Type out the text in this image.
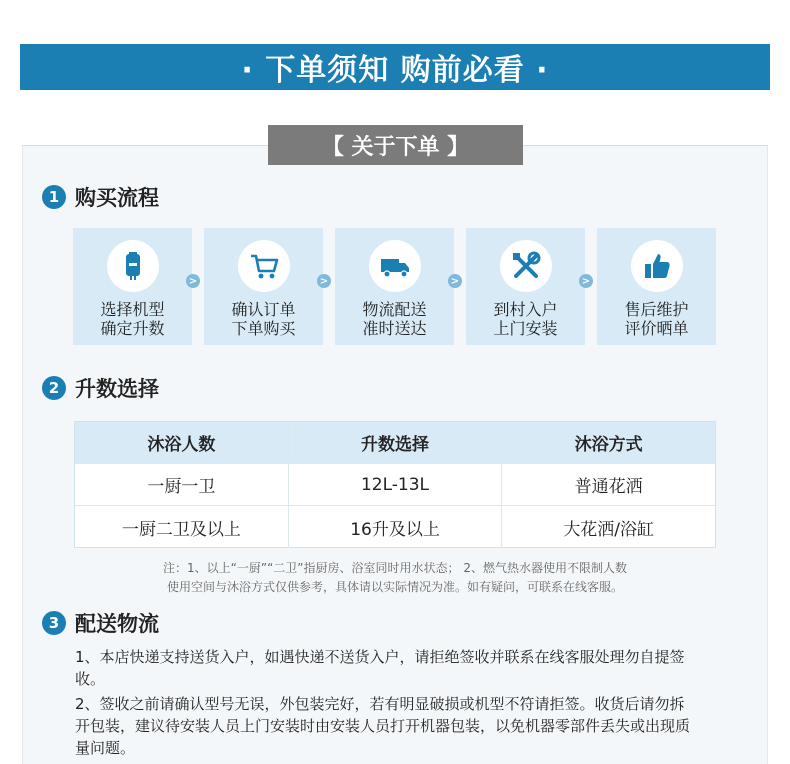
· 下单须知 购前必看 ·
【 关于下单 】
1 购买流程
选择机型
确定升数
确认订单
下单购买
物流配送
准时送达
到村入户
上门安装
售后维护
评价晒单
>	>	>	>
2 升数选择
沐浴人数	升数选择	沐浴方式
一厨一卫	12L-13L	普通花洒
一厨二卫及以上	16升及以上	大花洒/浴缸
注：1、以上“一厨”“二卫”指厨房、浴室同时用水状态； 2、燃气热水器使用不限制人数
使用空间与沐浴方式仅供参考，具体请以实际情况为准。如有疑问，可联系在线客服。
3 配送物流
1、本店快递支持送货入户，如遇快递不送货入户，请拒绝签收并联系在线客服处理勿自提签收。
2、签收之前请确认型号无误，外包装完好，若有明显破损或机型不符请拒签。收货后请勿拆开包装，建议待安装人员上门安装时由安装人员打开机器包装，以免机器零部件丢失或出现质量问题。
